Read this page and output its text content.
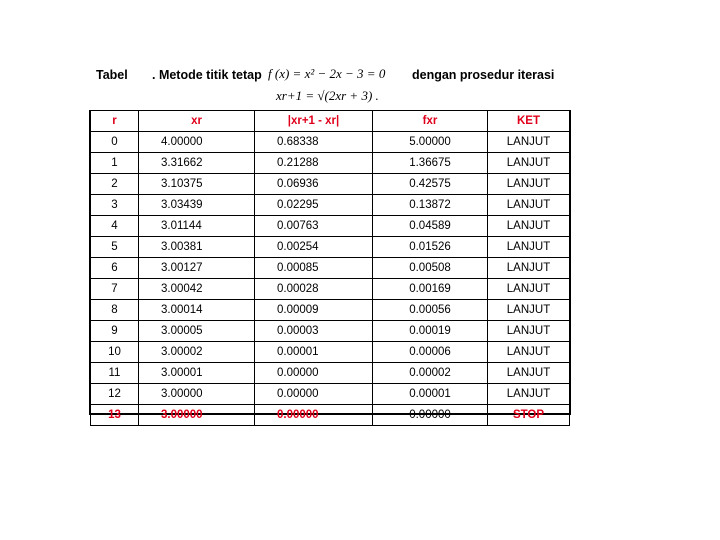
Tabel . Metode titik tetap f (x) = x² − 2x − 3 = 0 dengan prosedur iterasi
xr+1 = √(2xr + 3) .
r	xr	|xr+1 - xr|	fxr	KET
0	4.00000	0.68338	5.00000	LANJUT
1	3.31662	0.21288	1.36675	LANJUT
2	3.10375	0.06936	0.42575	LANJUT
3	3.03439	0.02295	0.13872	LANJUT
4	3.01144	0.00763	0.04589	LANJUT
5	3.00381	0.00254	0.01526	LANJUT
6	3.00127	0.00085	0.00508	LANJUT
7	3.00042	0.00028	0.00169	LANJUT
8	3.00014	0.00009	0.00056	LANJUT
9	3.00005	0.00003	0.00019	LANJUT
10	3.00002	0.00001	0.00006	LANJUT
11	3.00001	0.00000	0.00002	LANJUT
12	3.00000	0.00000	0.00001	LANJUT
13	3.00000	0.00000	0.00000	STOP
